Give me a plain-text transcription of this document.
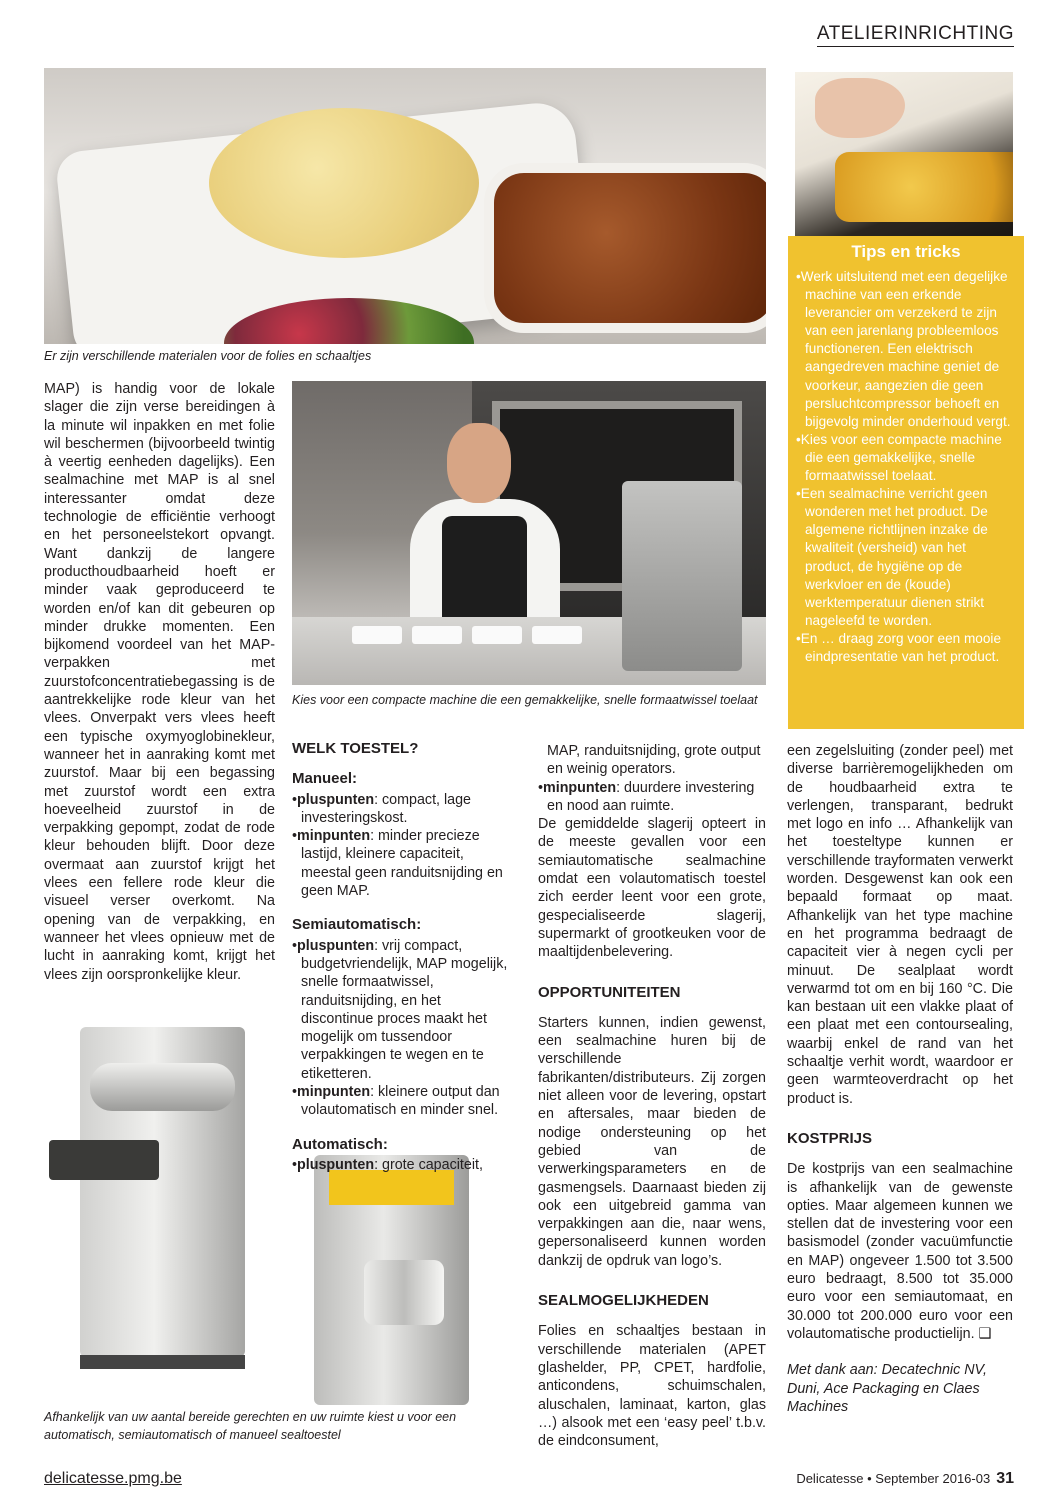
ATELIERINRICHTING
Er zijn verschillende materialen voor de folies en schaaltjes
Tips en tricks
•Werk uitsluitend met een degelijke machine van een erkende leverancier om verzekerd te zijn van een jarenlang probleemloos functioneren. Een elektrisch aangedreven machine geniet de voorkeur, aangezien die geen persluchtcompressor behoeft en bijgevolg minder onderhoud vergt.
•Kies voor een compacte machine die een gemakkelijke, snelle formaatwissel toelaat.
•Een sealmachine verricht geen wonderen met het product. De algemene richtlijnen inzake de kwaliteit (versheid) van het product, de hygiëne op de werkvloer en de (koude) werktemperatuur dienen strikt nageleefd te worden.
•En … draag zorg voor een mooie eindpresentatie van het product.
Kies voor een compacte machine die een gemakkelijke, snelle formaatwissel toelaat

MAP) is handig voor de lokale slager die zijn verse bereidingen à la minute wil inpakken en met folie wil beschermen (bijvoorbeeld twintig à veertig eenheden dagelijks). Een sealmachine met MAP is al snel interessanter omdat deze technologie de efficiëntie verhoogt en het personeelstekort opvangt. Want dankzij de langere producthoudbaarheid hoeft er minder vaak geproduceerd te worden en/of kan dit gebeuren op minder drukke momenten. Een bijkomend voordeel van het MAP-verpakken met zuurstofconcentratiebegassing is de aantrekkelijke rode kleur van het vlees. Onverpakt vers vlees heeft een typische oxymyoglobinekleur, wanneer het in aanraking komt met zuurstof. Maar bij een begassing met zuurstof wordt een extra hoeveelheid zuurstof in de verpakking gepompt, zodat de rode kleur behouden blijft. Door deze overmaat aan zuurstof krijgt het vlees een fellere rode kleur die visueel verser overkomt. Na opening van de verpakking, en wanneer het vlees opnieuw met de lucht in aanraking komt, krijgt het vlees zijn oorspronkelijke kleur.

Afhankelijk van uw aantal bereide gerechten en uw ruimte kiest u voor een automatisch, semiautomatisch of manueel sealtoestel
WELK TOESTEL?
Manueel:
•pluspunten: compact, lage investeringskost.
•minpunten: minder precieze lastijd, kleinere capaciteit, meestal geen randuitsnijding en geen MAP.
Semiautomatisch:
•pluspunten: vrij compact, budgetvriendelijk, MAP mogelijk, snelle formaatwissel, randuitsnijding, en het discontinue proces maakt het mogelijk om tussendoor verpakkingen te wegen en te etiketteren.
•minpunten: kleinere output dan volautomatisch en minder snel.
Automatisch:
•pluspunten: grote capaciteit,
MAP, randuitsnijding, grote output en weinig operators.
•minpunten: duurdere investering en nood aan ruimte.

De gemiddelde slagerij opteert in de meeste gevallen voor een semiautomatische sealmachine omdat een volautomatisch toestel zich eerder leent voor een grote, gespecialiseerde slagerij, supermarkt of grootkeuken voor de maaltijdenbelevering.

OPPORTUNITEITEN

Starters kunnen, indien gewenst, een sealmachine huren bij de verschillende fabrikanten/distributeurs. Zij zorgen niet alleen voor de levering, opstart en aftersales, maar bieden de nodige ondersteuning op het gebied van de verwerkingsparameters en de gasmengsels. Daarnaast bieden zij ook een uitgebreid gamma van verpakkingen aan die, naar wens, gepersonaliseerd kunnen worden dankzij de opdruk van logo’s.

SEALMOGELIJKHEDEN

Folies en schaaltjes bestaan in verschillende materialen (APET glashelder, PP, CPET, hardfolie, anticondens, schuimschalen, aluschalen, laminaat, karton, glas …) alsook met een ‘easy peel’ t.b.v. de eindconsument,

een zegelsluiting (zonder peel) met diverse barrièremogelijkheden om de houdbaarheid extra te verlengen, transparant, bedrukt met logo en info … Afhankelijk van het toesteltype kunnen er verschillende trayformaten verwerkt worden. Desgewenst kan ook een bepaald formaat op maat. Afhankelijk van het type machine en het programma bedraagt de capaciteit vier à negen cycli per minuut. De sealplaat wordt verwarmd tot om en bij 160 °C. Die kan bestaan uit een vlakke plaat of een plaat met een contoursealing, waarbij enkel de rand van het schaaltje verhit wordt, waardoor er geen warmteoverdracht op het product is.

KOSTPRIJS

De kostprijs van een sealmachine is afhankelijk van de gewenste opties. Maar algemeen kunnen we stellen dat de investering voor een basismodel (zonder vacuümfunctie en MAP) ongeveer 1.500 tot 3.500 euro bedraagt, 8.500 tot 35.000 euro voor een semiautomaat, en 30.000 tot 200.000 euro voor een volautomatische productielijn. ❑

Met dank aan: Decatechnic NV, Duni, Ace Packaging en Claes Machines

delicatesse.pmg.be	Delicatesse • September 2016-03 31
